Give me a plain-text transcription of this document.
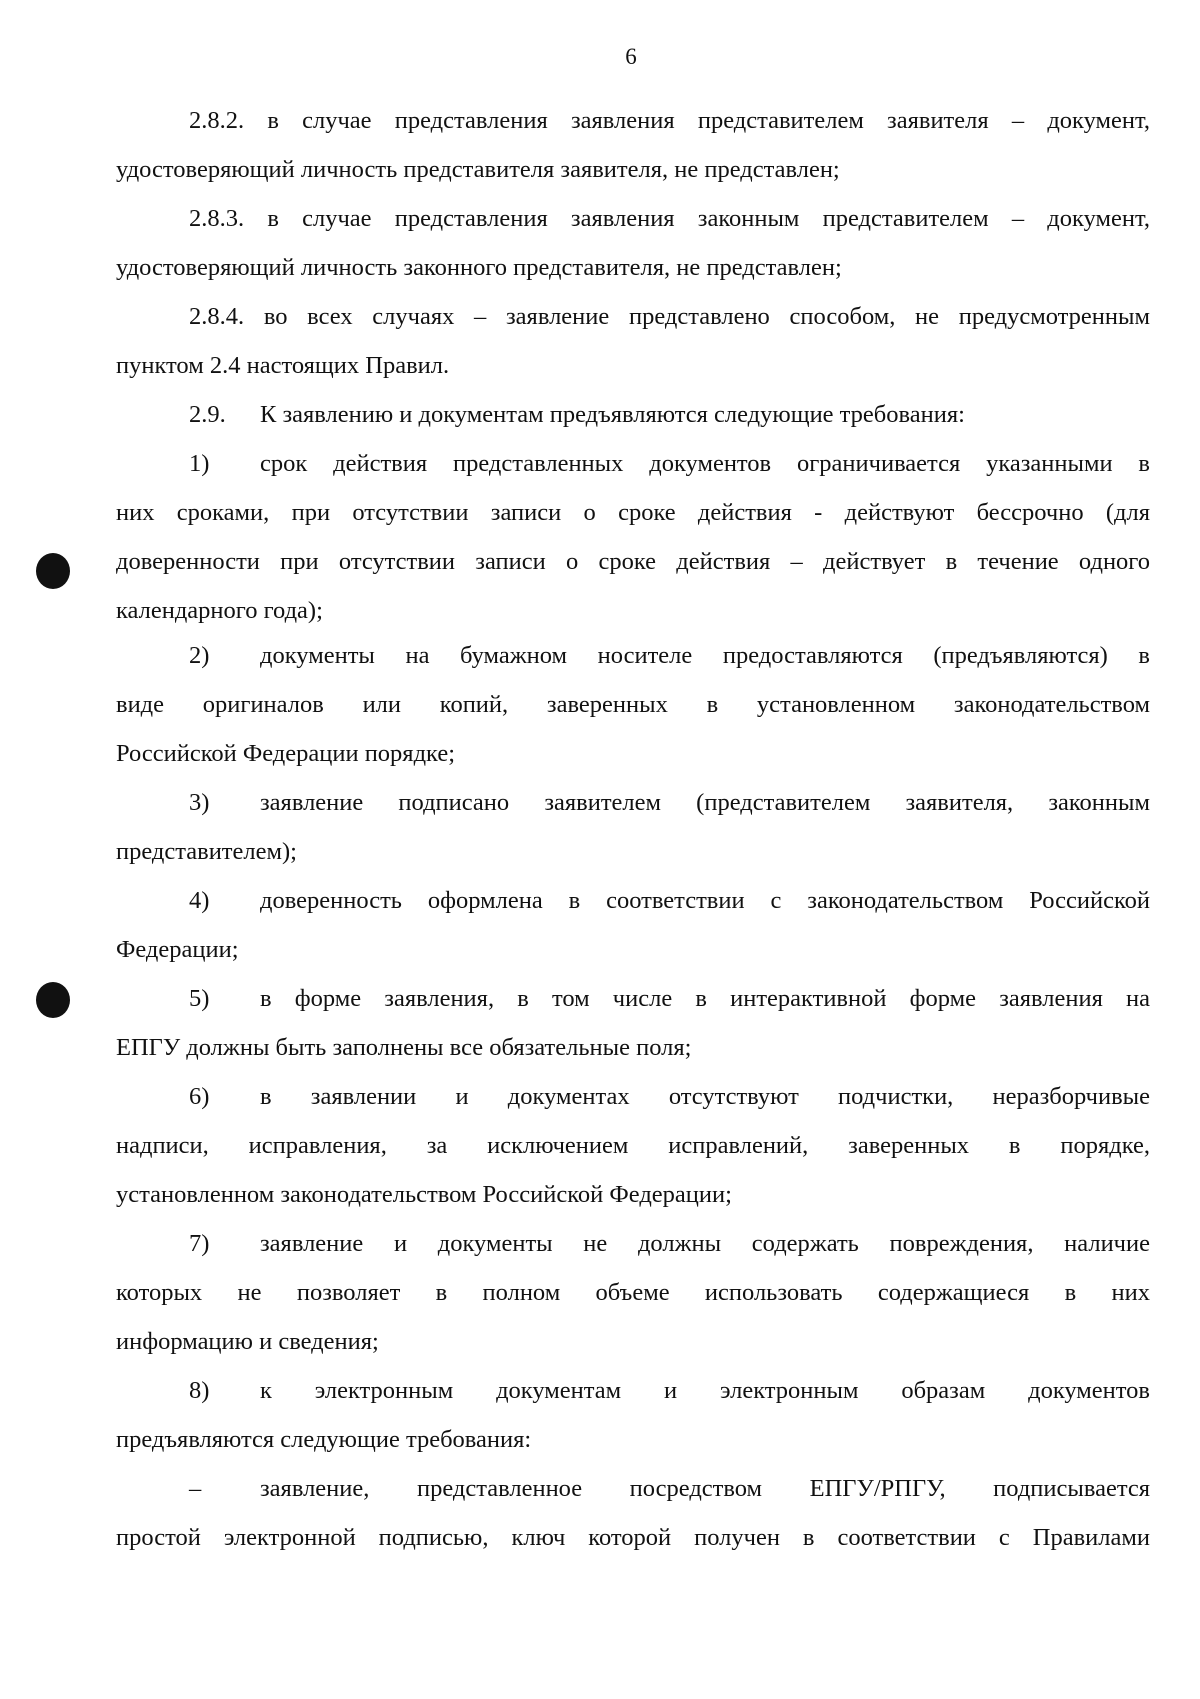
6
2.8.2. в случае представления заявления представителем заявителя – документ,
удостоверяющий личность представителя заявителя, не представлен;
2.8.3. в случае представления заявления законным представителем – документ,
удостоверяющий личность законного представителя, не представлен;
2.8.4. во всех случаях – заявление представлено способом, не предусмотренным
пунктом 2.4 настоящих Правил.
2.9.	К заявлению и документам предъявляются следующие требования:
1)	срок действия представленных документов ограничивается указанными в
них сроками, при отсутствии записи о сроке действия - действуют бессрочно (для
доверенности при отсутствии записи о сроке действия – действует в течение одного
календарного года);
2)	документы на бумажном носителе предоставляются (предъявляются) в
виде оригиналов или копий, заверенных в установленном законодательством
Российской Федерации порядке;
3)	заявление подписано заявителем (представителем заявителя, законным
представителем);
4)	доверенность оформлена в соответствии с законодательством Российской
Федерации;
5)	в форме заявления, в том числе в интерактивной форме заявления на
ЕПГУ должны быть заполнены все обязательные поля;
6)	в заявлении и документах отсутствуют подчистки, неразборчивые
надписи, исправления, за исключением исправлений, заверенных в порядке,
установленном законодательством Российской Федерации;
7)	заявление и документы не должны содержать повреждения, наличие
которых не позволяет в полном объеме использовать содержащиеся в них
информацию и сведения;
8)	к электронным документам и электронным образам документов
предъявляются следующие требования:
–	заявление, представленное посредством ЕПГУ/РПГУ, подписывается
простой электронной подписью, ключ которой получен в соответствии с Правилами
